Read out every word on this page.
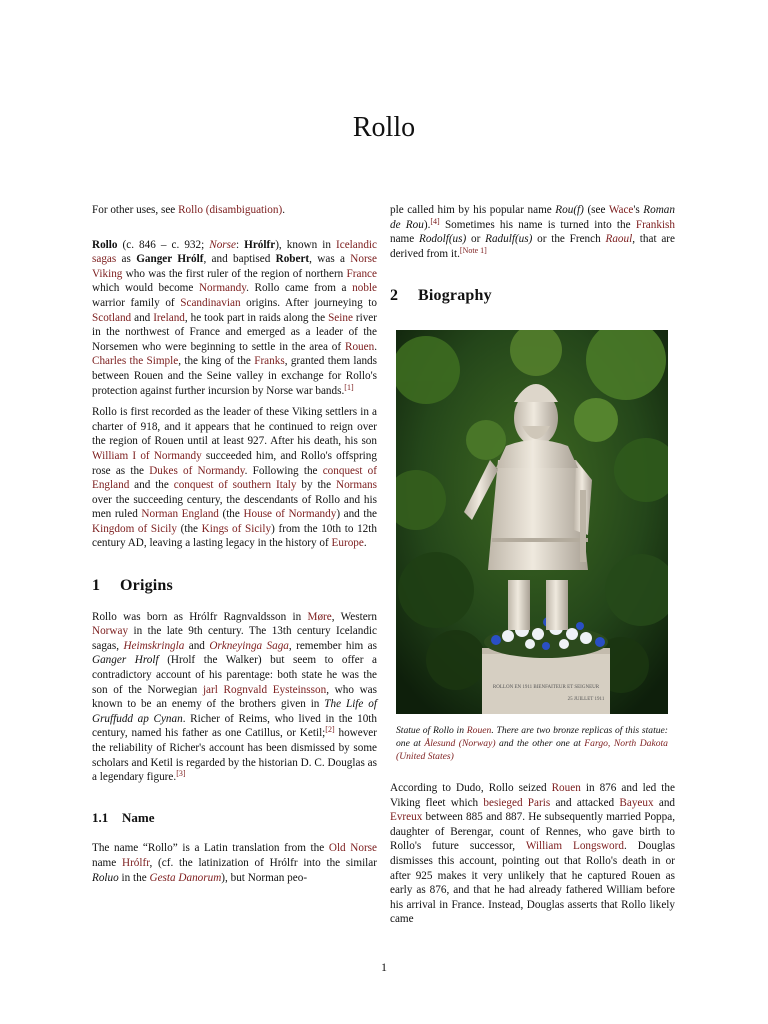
Rollo

For other uses, see Rollo (disambiguation).

Rollo (c. 846 – c. 932; Norse: Hrólfr), known in Icelandic sagas as Ganger Hrólf, and baptised Robert, was a Norse Viking who was the first ruler of the region of northern France which would become Normandy. Rollo came from a noble warrior family of Scandinavian origins. After journeying to Scotland and Ireland, he took part in raids along the Seine river in the northwest of France and emerged as a leader of the Norsemen who were beginning to settle in the area of Rouen. Charles the Simple, the king of the Franks, granted them lands between Rouen and the Seine valley in exchange for Rollo's protection against further incursion by Norse war bands.[1]

Rollo is first recorded as the leader of these Viking settlers in a charter of 918, and it appears that he continued to reign over the region of Rouen until at least 927. After his death, his son William I of Normandy succeeded him, and Rollo's offspring rose as the Dukes of Normandy. Following the conquest of England and the conquest of southern Italy by the Normans over the succeeding century, the descendants of Rollo and his men ruled Norman England (the House of Normandy) and the Kingdom of Sicily (the Kings of Sicily) from the 10th to 12th century AD, leaving a lasting legacy in the history of Europe.

1 Origins

Rollo was born as Hrólfr Ragnvaldsson in Møre, Western Norway in the late 9th century. The 13th century Icelandic sagas, Heimskringla and Orkneyinga Saga, remember him as Ganger Hrolf (Hrolf the Walker) but seem to offer a contradictory account of his parentage: both state he was the son of the Norwegian jarl Rognvald Eysteinsson, who was known to be an enemy of the brothers given in The Life of Gruffudd ap Cynan. Richer of Reims, who lived in the 10th century, named his father as one Catillus, or Ketil;[2] however the reliability of Richer's account has been dismissed by some scholars and Ketil is regarded by the historian D. C. Douglas as a legendary figure.[3]

1.1 Name

The name “Rollo” is a Latin translation from the Old Norse name Hrólfr, (cf. the latinization of Hrólfr into the similar Roluo in the Gesta Danorum), but Norman peo-

ple called him by his popular name Rou(f) (see Wace's Roman de Rou).[4] Sometimes his name is turned into the Frankish name Rodolf(us) or Radulf(us) or the French Raoul, that are derived from it.[Note 1]

2 Biography
ROLLON EN 1911 BIENFAITEUR ET SEIGNEUR
25 JUILLET 1911
Statue of Rollo in Rouen. There are two bronze replicas of this statue: one at Ålesund (Norway) and the other one at Fargo, North Dakota (United States)

According to Dudo, Rollo seized Rouen in 876 and led the Viking fleet which besieged Paris and attacked Bayeux and Evreux between 885 and 887. He subsequently married Poppa, daughter of Berengar, count of Rennes, who gave birth to Rollo's future successor, William Longsword. Douglas dismisses this account, pointing out that Rollo's death in or after 925 makes it very unlikely that he captured Rouen as early as 876, and that he had already fathered William before his arrival in France. Instead, Douglas asserts that Rollo likely came

1
